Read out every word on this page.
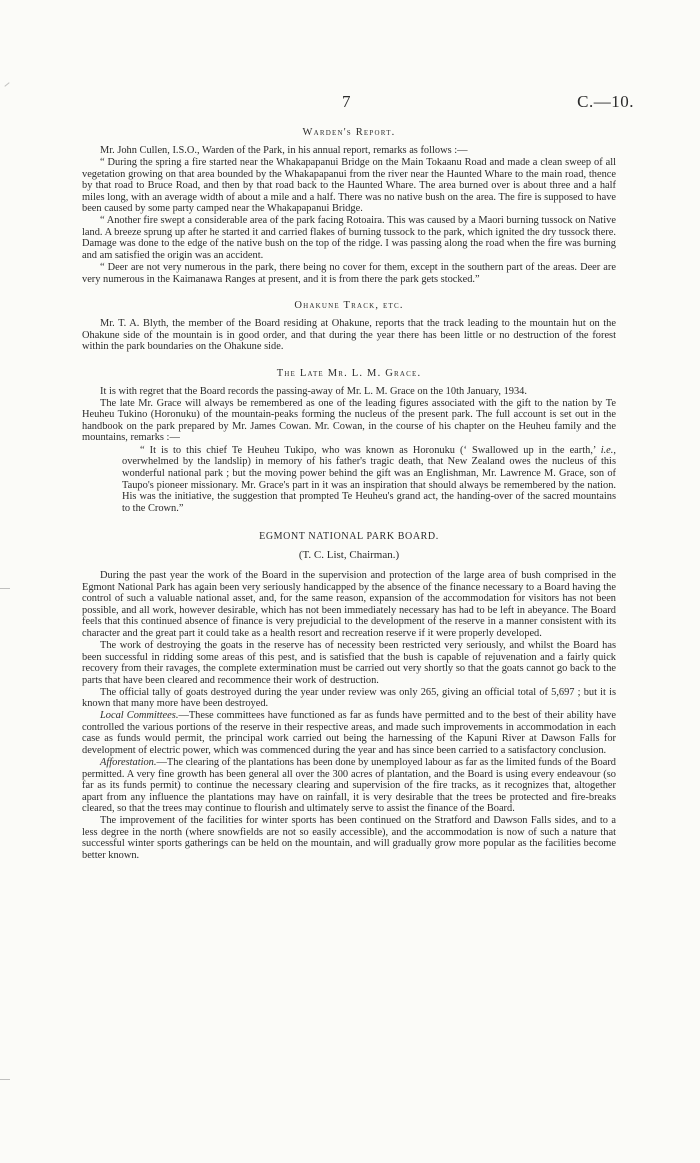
7	C.—10.
Warden's Report.

Mr. John Cullen, I.S.O., Warden of the Park, in his annual report, remarks as follows :—

“ During the spring a fire started near the Whakapapanui Bridge on the Main Tokaanu Road and made a clean sweep of all vegetation growing on that area bounded by the Whakapapanui from the river near the Haunted Whare to the main road, thence by that road to Bruce Road, and then by that road back to the Haunted Whare. The area burned over is about three and a half miles long, with an average width of about a mile and a half. There was no native bush on the area. The fire is supposed to have been caused by some party camped near the Whakapapanui Bridge.

“ Another fire swept a considerable area of the park facing Rotoaira. This was caused by a Maori burning tussock on Native land. A breeze sprung up after he started it and carried flakes of burning tussock to the park, which ignited the dry tussock there. Damage was done to the edge of the native bush on the top of the ridge. I was passing along the road when the fire was burning and am satisfied the origin was an accident.

“ Deer are not very numerous in the park, there being no cover for them, except in the southern part of the areas. Deer are very numerous in the Kaimanawa Ranges at present, and it is from there the park gets stocked.”

Ohakune Track, etc.

Mr. T. A. Blyth, the member of the Board residing at Ohakune, reports that the track leading to the mountain hut on the Ohakune side of the mountain is in good order, and that during the year there has been little or no destruction of the forest within the park boundaries on the Ohakune side.

The Late Mr. L. M. Grace.

It is with regret that the Board records the passing-away of Mr. L. M. Grace on the 10th January, 1934.

The late Mr. Grace will always be remembered as one of the leading figures associated with the gift to the nation by Te Heuheu Tukino (Horonuku) of the mountain-peaks forming the nucleus of the present park. The full account is set out in the handbook on the park prepared by Mr. James Cowan. Mr. Cowan, in the course of his chapter on the Heuheu family and the mountains, remarks :—

“ It is to this chief Te Heuheu Tukipo, who was known as Horonuku (‘ Swallowed up in the earth,’ i.e., overwhelmed by the landslip) in memory of his father's tragic death, that New Zealand owes the nucleus of this wonderful national park ; but the moving power behind the gift was an Englishman, Mr. Lawrence M. Grace, son of Taupo's pioneer missionary. Mr. Grace's part in it was an inspiration that should always be remembered by the nation. His was the initiative, the suggestion that prompted Te Heuheu's grand act, the handing-over of the sacred mountains to the Crown.”

EGMONT NATIONAL PARK BOARD.
(T. C. List, Chairman.)

During the past year the work of the Board in the supervision and protection of the large area of bush comprised in the Egmont National Park has again been very seriously handicapped by the absence of the finance necessary to a Board having the control of such a valuable national asset, and, for the same reason, expansion of the accommodation for visitors has not been possible, and all work, however desirable, which has not been immediately necessary has had to be left in abeyance. The Board feels that this continued absence of finance is very prejudicial to the development of the reserve in a manner consistent with its character and the great part it could take as a health resort and recreation reserve if it were properly developed.

The work of destroying the goats in the reserve has of necessity been restricted very seriously, and whilst the Board has been successful in ridding some areas of this pest, and is satisfied that the bush is capable of rejuvenation and a fairly quick recovery from their ravages, the complete extermination must be carried out very shortly so that the goats cannot go back to the parts that have been cleared and recommence their work of destruction.

The official tally of goats destroyed during the year under review was only 265, giving an official total of 5,697 ; but it is known that many more have been destroyed.

Local Committees.—These committees have functioned as far as funds have permitted and to the best of their ability have controlled the various portions of the reserve in their respective areas, and made such improvements in accommodation in each case as funds would permit, the principal work carried out being the harnessing of the Kapuni River at Dawson Falls for development of electric power, which was commenced during the year and has since been carried to a satisfactory conclusion.

Afforestation.—The clearing of the plantations has been done by unemployed labour as far as the limited funds of the Board permitted. A very fine growth has been general all over the 300 acres of plantation, and the Board is using every endeavour (so far as its funds permit) to continue the necessary clearing and supervision of the fire tracks, as it recognizes that, altogether apart from any influence the plantations may have on rainfall, it is very desirable that the trees be protected and fire-breaks cleared, so that the trees may continue to flourish and ultimately serve to assist the finance of the Board.

The improvement of the facilities for winter sports has been continued on the Stratford and Dawson Falls sides, and to a less degree in the north (where snowfields are not so easily accessible), and the accommodation is now of such a nature that successful winter sports gatherings can be held on the mountain, and will gradually grow more popular as the facilities become better known.
